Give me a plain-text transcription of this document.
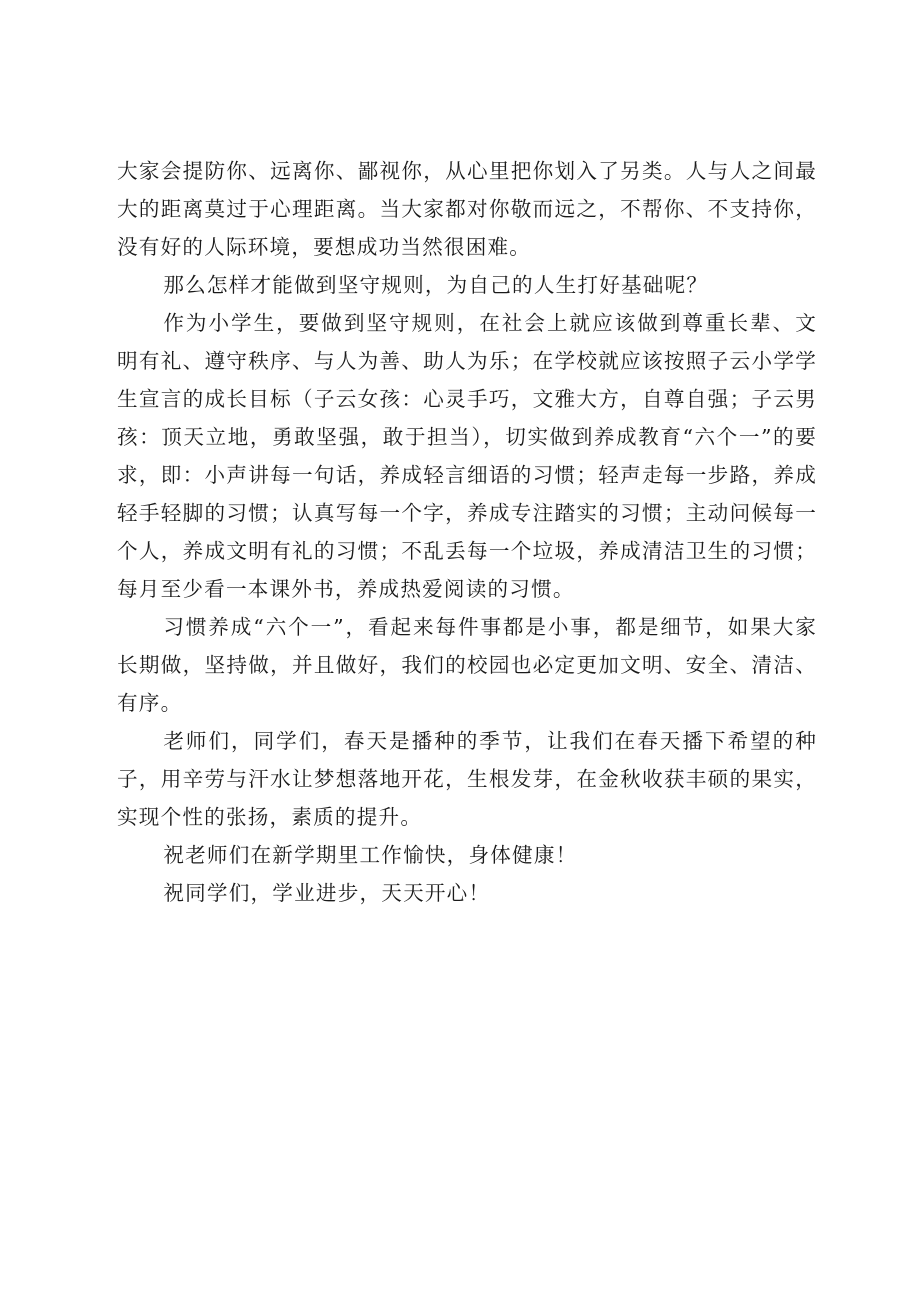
大家会提防你、远离你、鄙视你，从心里把你划入了另类。人与人之间最大的距离莫过于心理距离。当大家都对你敬而远之，不帮你、不支持你，没有好的人际环境，要想成功当然很困难。

那么怎样才能做到坚守规则，为自己的人生打好基础呢？

作为小学生，要做到坚守规则，在社会上就应该做到尊重长辈、文明有礼、遵守秩序、与人为善、助人为乐；在学校就应该按照子云小学学生宣言的成长目标（子云女孩：心灵手巧，文雅大方，自尊自强；子云男孩：顶天立地，勇敢坚强，敢于担当），切实做到养成教育“六个一”的要求，即：小声讲每一句话，养成轻言细语的习惯；轻声走每一步路，养成轻手轻脚的习惯；认真写每一个字，养成专注踏实的习惯；主动问候每一个人，养成文明有礼的习惯；不乱丢每一个垃圾，养成清洁卫生的习惯；每月至少看一本课外书，养成热爱阅读的习惯。

习惯养成“六个一”，看起来每件事都是小事，都是细节，如果大家长期做，坚持做，并且做好，我们的校园也必定更加文明、安全、清洁、有序。

老师们，同学们，春天是播种的季节，让我们在春天播下希望的种子，用辛劳与汗水让梦想落地开花，生根发芽，在金秋收获丰硕的果实，实现个性的张扬，素质的提升。

祝老师们在新学期里工作愉快，身体健康！

祝同学们，学业进步，天天开心！
